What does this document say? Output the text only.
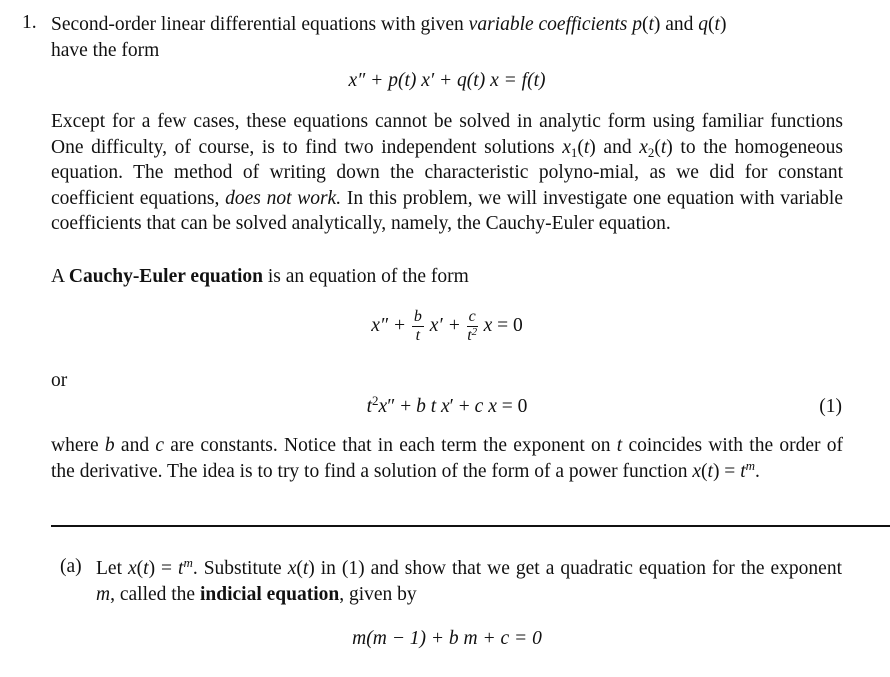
1. Second-order linear differential equations with given variable coefficients p(t) and q(t)
have the form
x″ + p(t) x′ + q(t) x = f(t)
Except for a few cases, these equations cannot be solved in analytic form using familiar functions One difficulty, of course, is to find two independent solutions $x_1(t)$ and $x_2(t)$ to the homogeneous equation. The method of writing down the characteristic polyno-mial, as we did for constant coefficient equations, does not work. In this problem, we will investigate one equation with variable coefficients that can be solved analytically, namely, the Cauchy-Euler equation.
A Cauchy-Euler equation is an equation of the form
$x'' + \frac{b}{t} x' + \frac{c}{t^2}$ x = 0
or
$t^2x'' + b$ t x′ + c x = 0	(1)
where b and c are constants. Notice that in each term the exponent on t coincides with the order of the derivative. The idea is to try to find a solution of the form of a power function $x(t) = t^m$.
(a) Let $x(t) = t^m$. Substitute x(t) in (1) and show that we get a quadratic equation for the exponent m, called the indicial equation, given by
m(m − 1) + b m + c = 0
